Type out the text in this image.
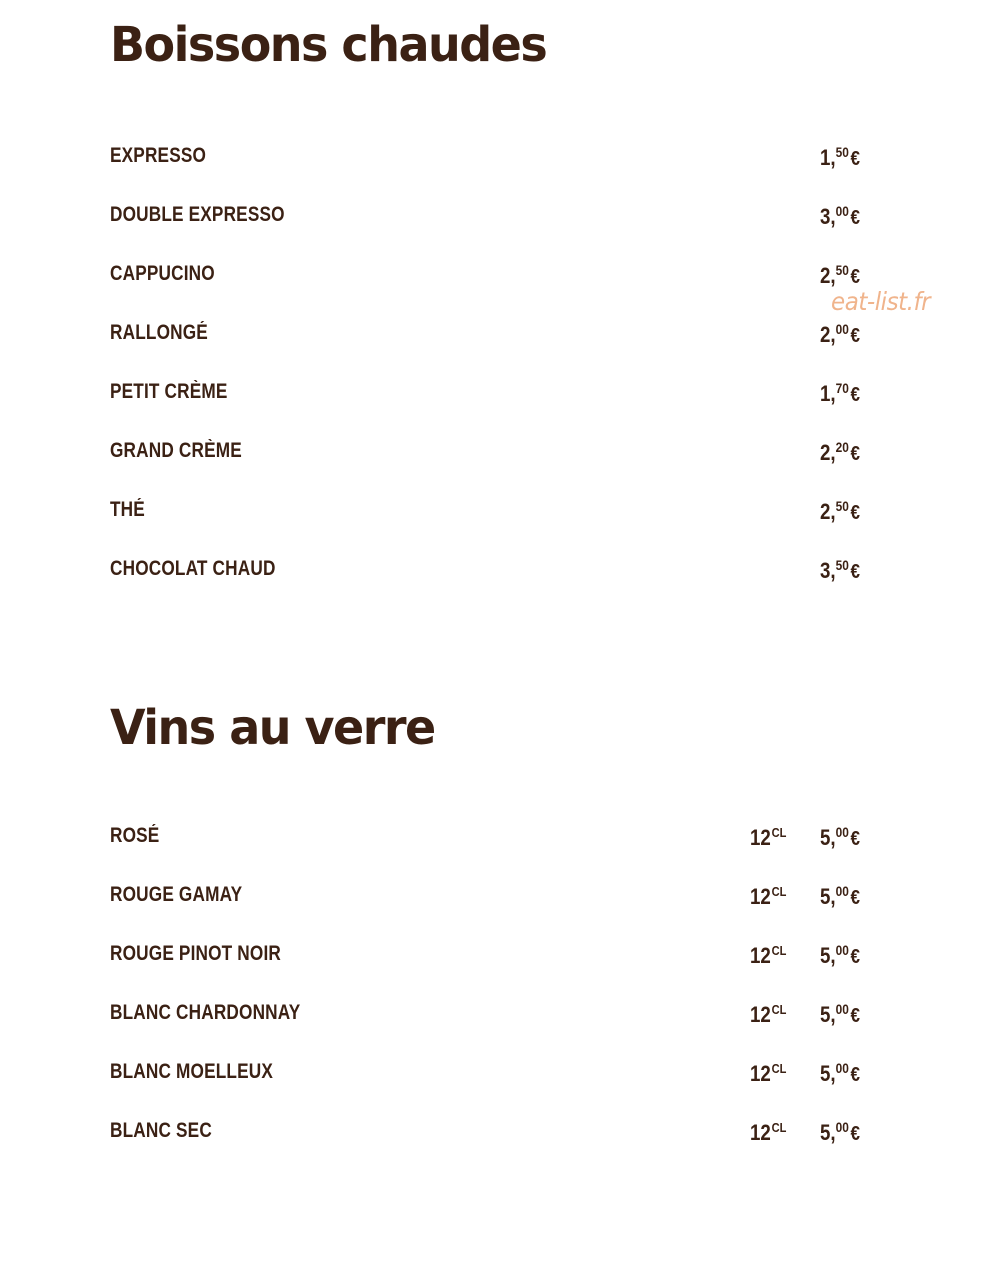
Boissons chaudes
EXPRESSO	1,50€
DOUBLE EXPRESSO	3,00€
CAPPUCINO	2,50€
RALLONGÉ	2,00€
PETIT CRÈME	1,70€
GRAND CRÈME	2,20€
THÉ	2,50€
CHOCOLAT CHAUD	3,50€
eat-list.fr
Vins au verre
ROSÉ	$12^{CL}$ 5,00€
ROUGE GAMAY	$12^{CL}$ 5,00€
ROUGE PINOT NOIR	$12^{CL}$ 5,00€
BLANC CHARDONNAY	$12^{CL}$ 5,00€
BLANC MOELLEUX	$12^{CL}$ 5,00€
BLANC SEC	$12^{CL}$ 5,00€
